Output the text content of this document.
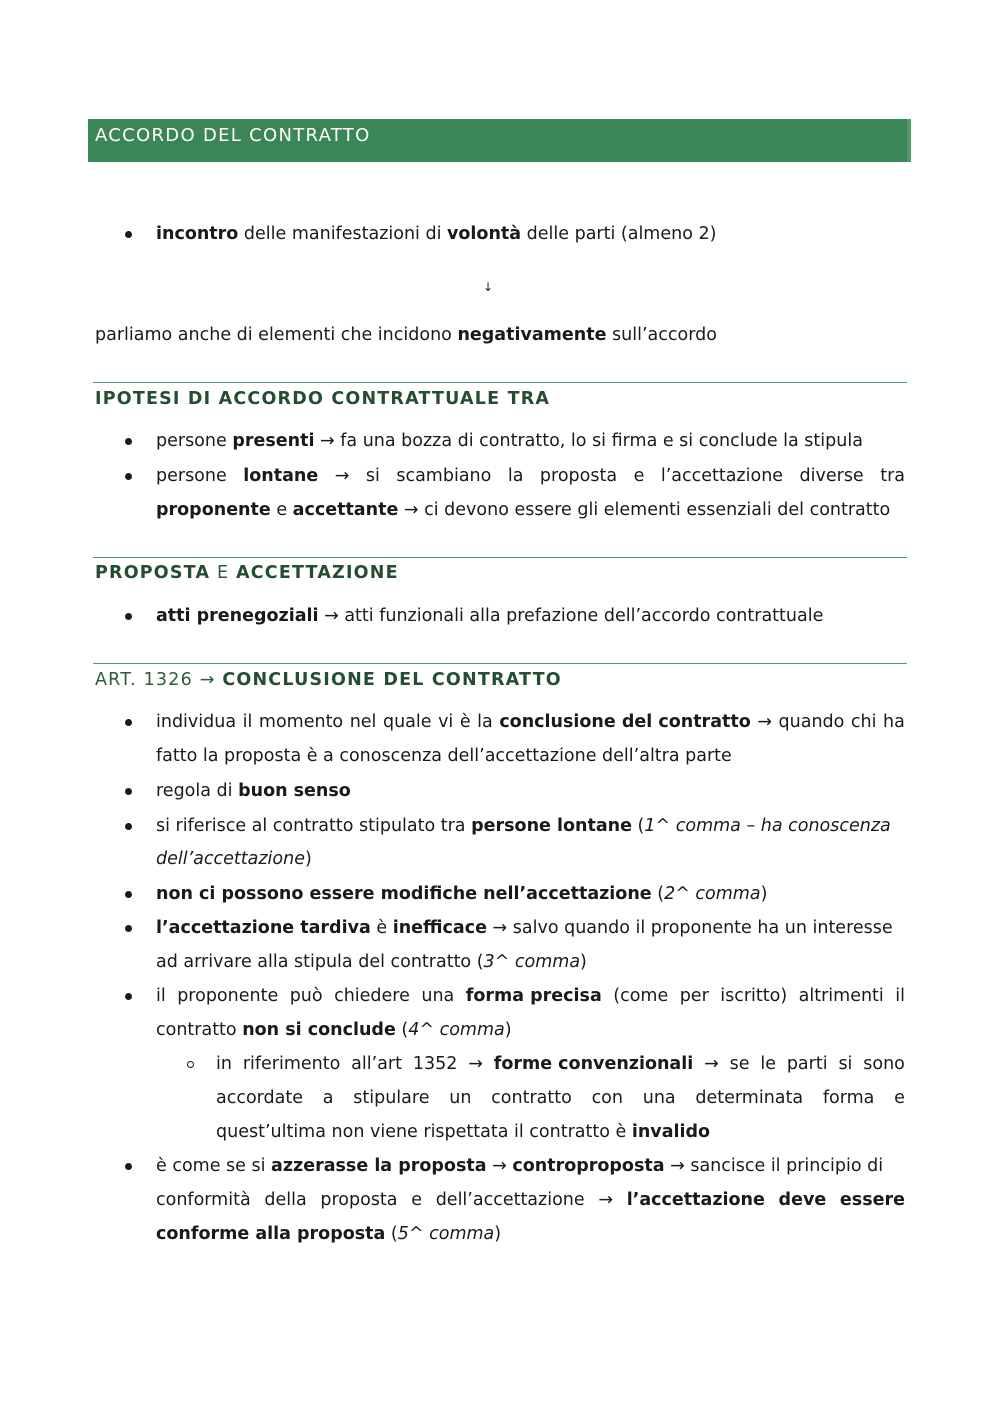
ACCORDO DEL CONTRATTO
incontro delle manifestazioni di volontà delle parti (almeno 2)
↓
parliamo anche di elementi che incidono negativamente sull’accordo
IPOTESI DI ACCORDO CONTRATTUALE TRA
persone presenti → fa una bozza di contratto, lo si firma e si conclude la stipula
persone lontane → si scambiano la proposta e l’accettazione diverse tra
proponente e accettante → ci devono essere gli elementi essenziali del contratto
PROPOSTA E ACCETTAZIONE
atti prenegoziali → atti funzionali alla prefazione dell’accordo contrattuale
ART. 1326 → CONCLUSIONE DEL CONTRATTO
individua il momento nel quale vi è la conclusione del contratto → quando chi ha
fatto la proposta è a conoscenza dell’accettazione dell’altra parte
regola di buon senso
si riferisce al contratto stipulato tra persone lontane (1^ comma – ha conoscenza
dell’accettazione)
non ci possono essere modifiche nell’accettazione (2^ comma)
l’accettazione tardiva è inefficace → salvo quando il proponente ha un interesse
ad arrivare alla stipula del contratto (3^ comma)
il proponente può chiedere una forma precisa (come per iscritto) altrimenti il
contratto non si conclude (4^ comma)
in riferimento all’art 1352 → forme convenzionali → se le parti si sono
accordate a stipulare un contratto con una determinata forma e
quest’ultima non viene rispettata il contratto è invalido
è come se si azzerasse la proposta → controproposta → sancisce il principio di
conformità della proposta e dell’accettazione → l’accettazione deve essere
conforme alla proposta (5^ comma)
